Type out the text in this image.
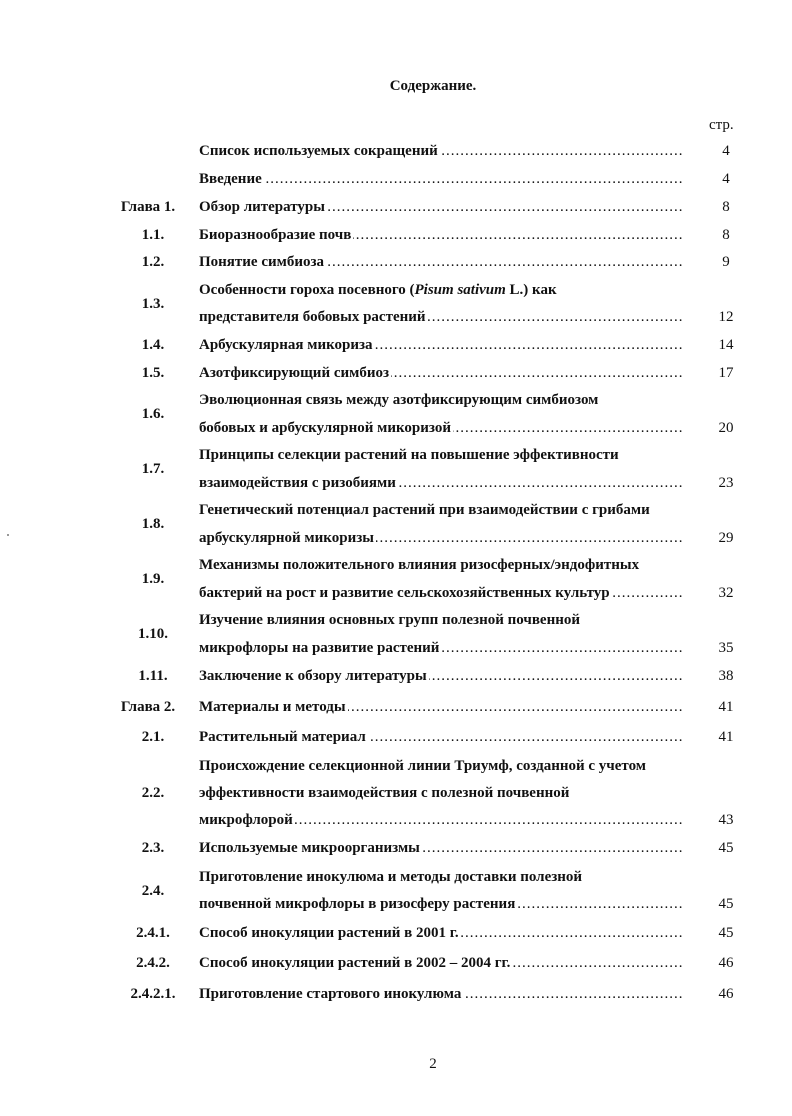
Содержание.
стр.
.....
Список используемых сокращений	4
.....
Введение	4
Глава 1. .....	Обзор литературы	8
1.1. .....	Биоразнообразие почв	8
1.2. .....	Понятие симбиоза	9
1.3.
Особенности гороха посевного (Pisum sativum L.) как
.....
представителя бобовых растений	12
1.4. .....	Арбускулярная микориза	14
1.5. .....	Азотфиксирующий симбиоз	17
1.6.
Эволюционная связь между азотфиксирующим симбиозом
.....
бобовых и арбускулярной микоризой	20
1.7.
Принципы селекции растений на повышение эффективности
.....
взаимодействия с ризобиями	23
1.8.
Генетический потенциал растений при взаимодействии с грибами
.....
арбускулярной микоризы	29
1.9.
Механизмы положительного влияния ризосферных/эндофитных
.....
бактерий на рост и развитие сельскохозяйственных культур	32
1.10.
Изучение влияния основных групп полезной почвенной
.....
микрофлоры на развитие растений	35
1.11. .....	Заключение к обзору литературы	38
Глава 2. .....	Материалы и методы	41
2.1. .....	Растительный материал	41
2.2.
Происхождение селекционной линии Триумф, созданной с учетом
эффективности взаимодействия с полезной почвенной
.....
микрофлорой	43
2.3. .....	Используемые микроорганизмы	45
2.4.
Приготовление инокулюма и методы доставки полезной
.....
почвенной микрофлоры в ризосферу растения	45
2.4.1. .....	Способ инокуляции растений в 2001 г.	45
2.4.2. .....	Способ инокуляции растений в 2002 – 2004 гг.	46
2.4.2.1. .....	Приготовление стартового инокулюма	46
2
